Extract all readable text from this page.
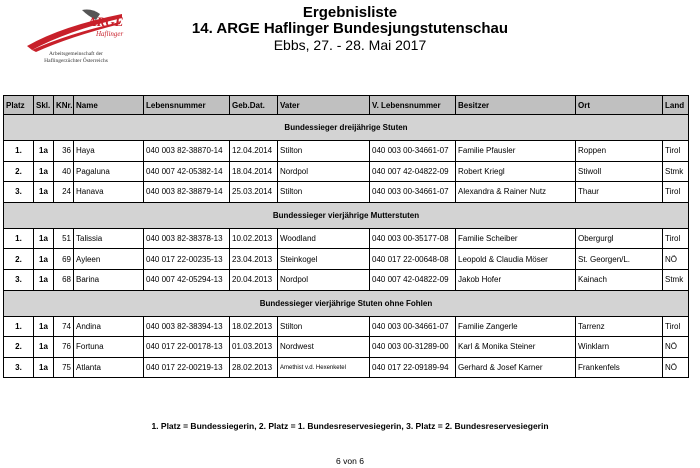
ARGE
Haflinger
Arbeitsgemeinschaft der
Haflingerzüchter Österreichs
Ergebnisliste
14. ARGE Haflinger Bundesjungstutenschau
Ebbs, 27. - 28. Mai 2017
Platz	Skl.	KNr.	Name	Lebensnummer	Geb.Dat.	Vater	V. Lebensnummer	Besitzer	Ort	Land
Bundessieger dreijährige Stuten										
1.	1a	36	Haya	040 003 82-38870-14	12.04.2014	Stilton	040 003 00-34661-07	Familie Pfausler	Roppen	Tirol
2.	1a	40	Pagaluna	040 007 42-05382-14	18.04.2014	Nordpol	040 007 42-04822-09	Robert Kriegl	Stiwoll	Stmk
3.	1a	24	Hanava	040 003 82-38879-14	25.03.2014	Stilton	040 003 00-34661-07	Alexandra & Rainer Nutz	Thaur	Tirol
Bundessieger vierjährige Mutterstuten										
1.	1a	51	Talissia	040 003 82-38378-13	10.02.2013	Woodland	040 003 00-35177-08	Familie Scheiber	Obergurgl	Tirol
2.	1a	69	Ayleen	040 017 22-00235-13	23.04.2013	Steinkogel	040 017 22-00648-08	Leopold & Claudia Möser	St. Georgen/L.	NÖ
3.	1a	68	Barina	040 007 42-05294-13	20.04.2013	Nordpol	040 007 42-04822-09	Jakob Hofer	Kainach	Stmk
Bundessieger vierjährige Stuten ohne Fohlen										
1.	1a	74	Andina	040 003 82-38394-13	18.02.2013	Stilton	040 003 00-34661-07	Familie Zangerle	Tarrenz	Tirol
2.	1a	76	Fortuna	040 017 22-00178-13	01.03.2013	Nordwest	040 003 00-31289-00	Karl & Monika Steiner	Winklarn	NÖ
3.	1a	75	Atlanta	040 017 22-00219-13	28.02.2013	Amethist v.d. Hexenketel	040 017 22-09189-94	Gerhard & Josef Karner	Frankenfels	NÖ
1. Platz = Bundessiegerin, 2. Platz = 1. Bundesreservesiegerin, 3. Platz = 2. Bundesreservesiegerin
6 von 6
